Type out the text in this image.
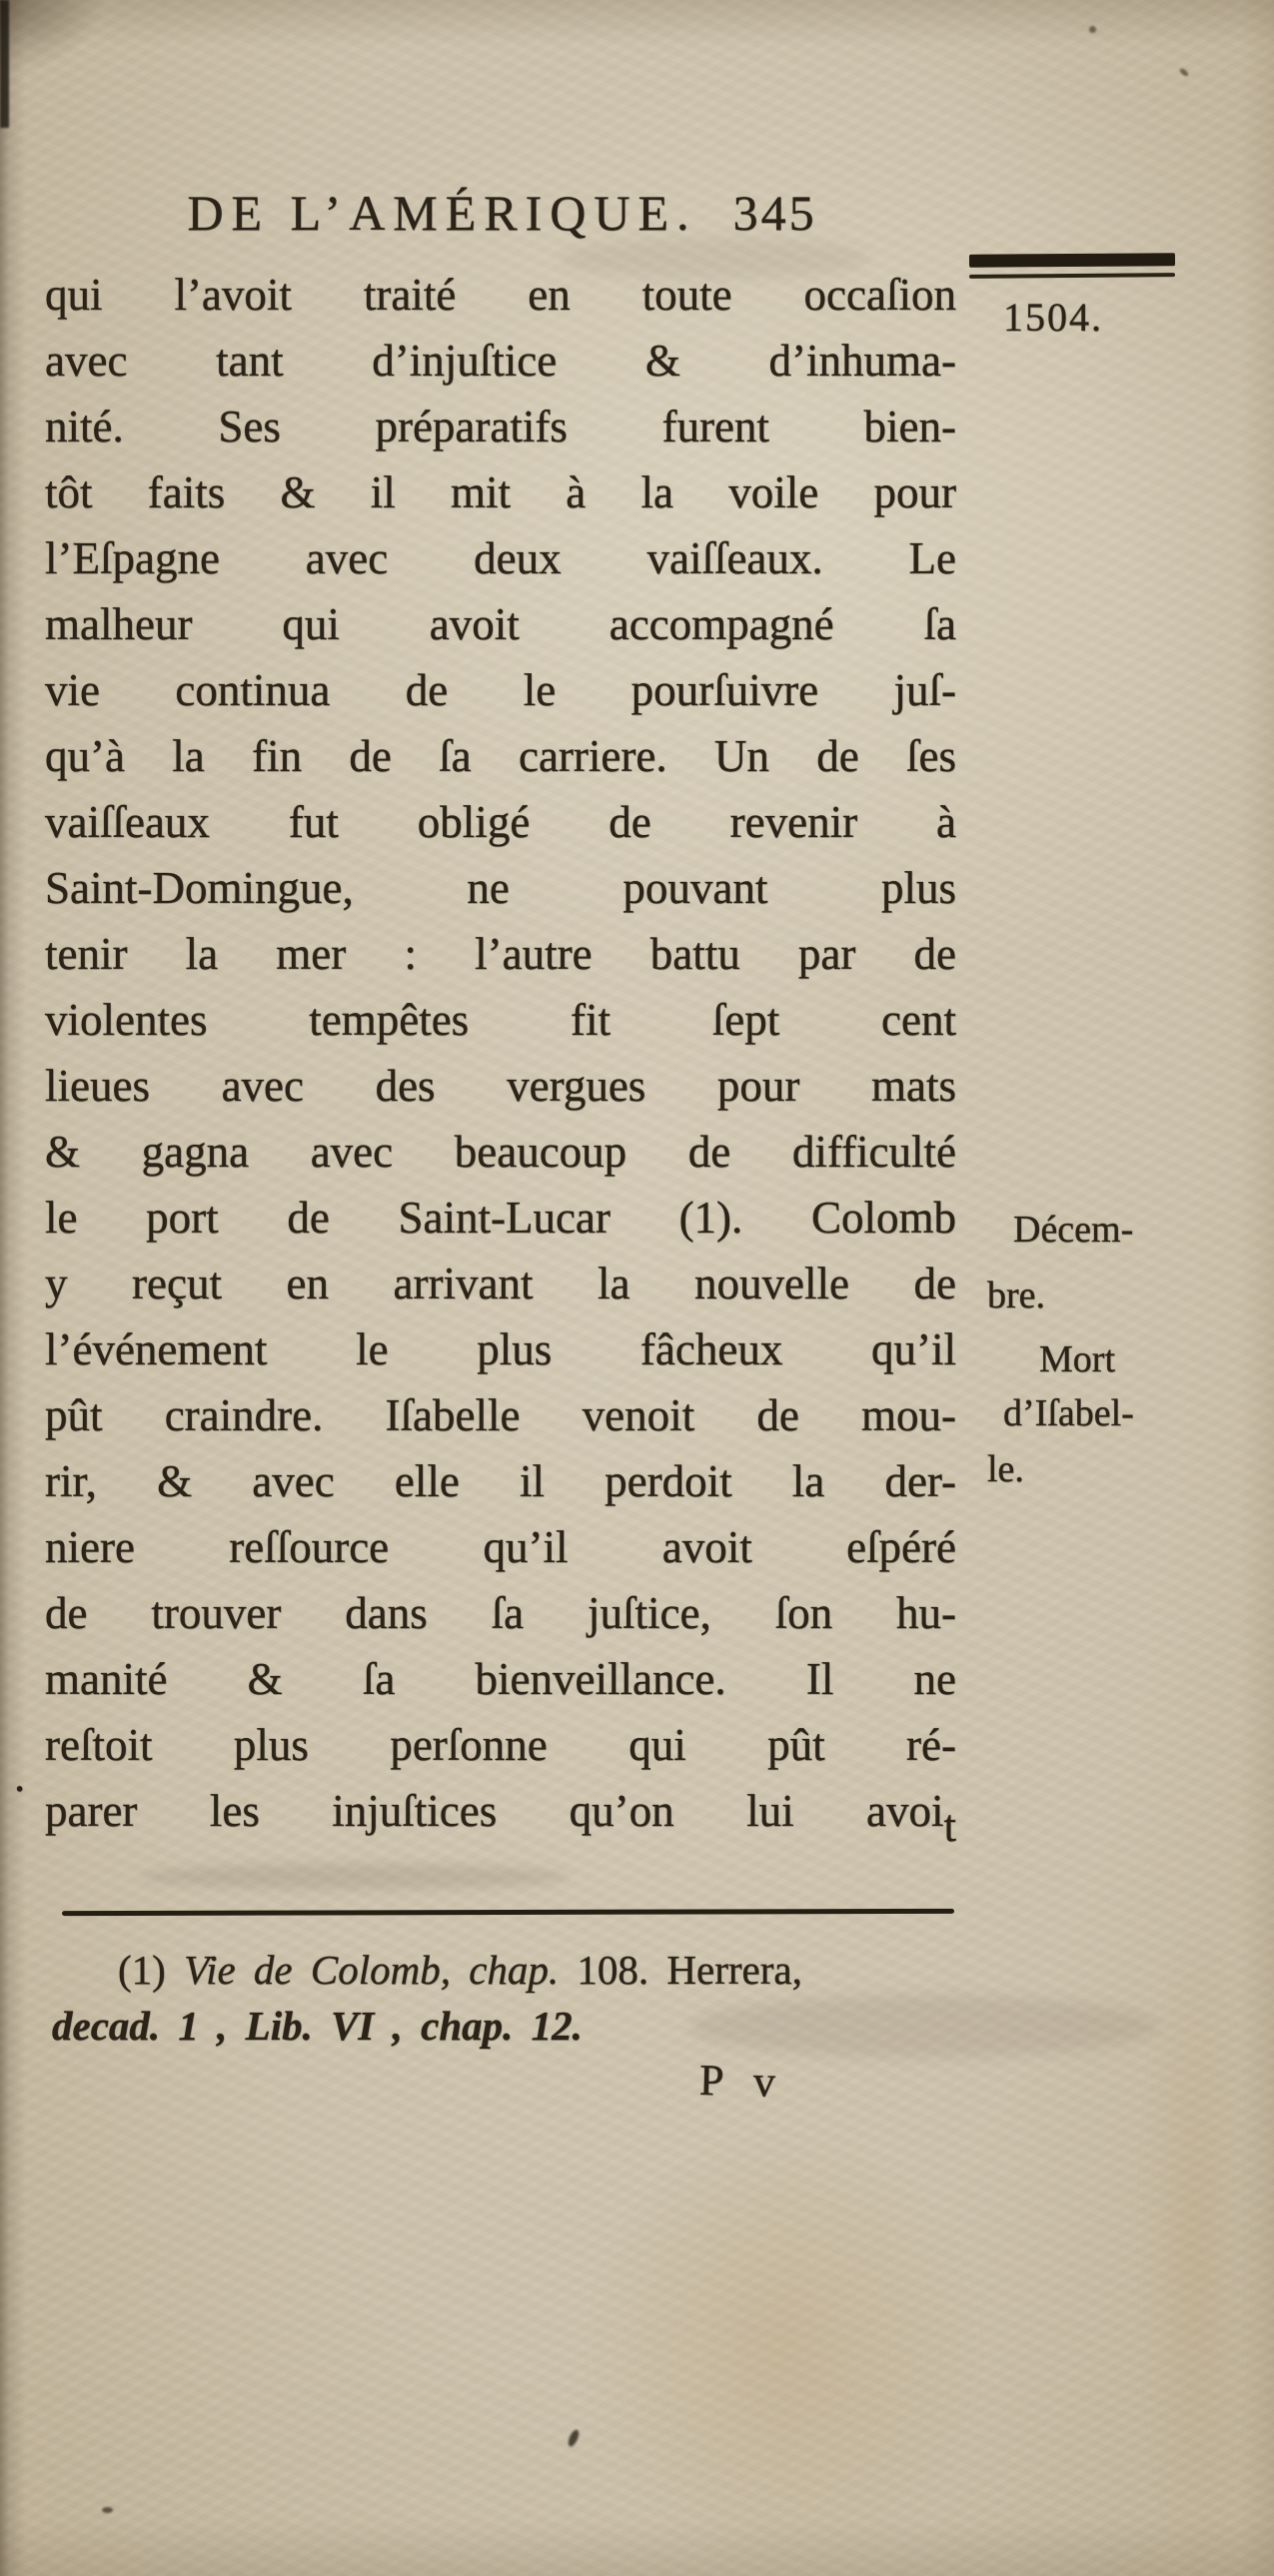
DE L’AMÉRIQUE. 345
1504.
qui l’avoit traité en toute occaſion
avec tant d’injuſtice & d’inhuma-
nité. Ses préparatifs furent bien-
tôt faits & il mit à la voile pour
l’Eſpagne avec deux vaiſſeaux. Le
malheur qui avoit accompagné ſa
vie continua de le pourſuivre juſ-
qu’à la fin de ſa carriere. Un de ſes
vaiſſeaux fut obligé de revenir à
Saint-Domingue, ne pouvant plus
tenir la mer : l’autre battu par de
violentes tempêtes fit ſept cent
lieues avec des vergues pour mats
& gagna avec beaucoup de difficulté
le port de Saint-Lucar (1). Colomb
y reçut en arrivant la nouvelle de
l’événement le plus fâcheux qu’il
pût craindre. Iſabelle venoit de mou-
rir, & avec elle il perdoit la der-
niere reſſource qu’il avoit eſpéré
de trouver dans ſa juſtice, ſon hu-
manité & ſa bienveillance. Il ne
reſtoit plus perſonne qui pût ré-
parer les injuſtices qu’on lui avoit
.
Décem-
bre.
Mort
d’Iſabel-
le.
(1) Vie de Colomb, chap. 108. Herrera,
decad. 1 , Lib. VI , chap. 12.
P v
